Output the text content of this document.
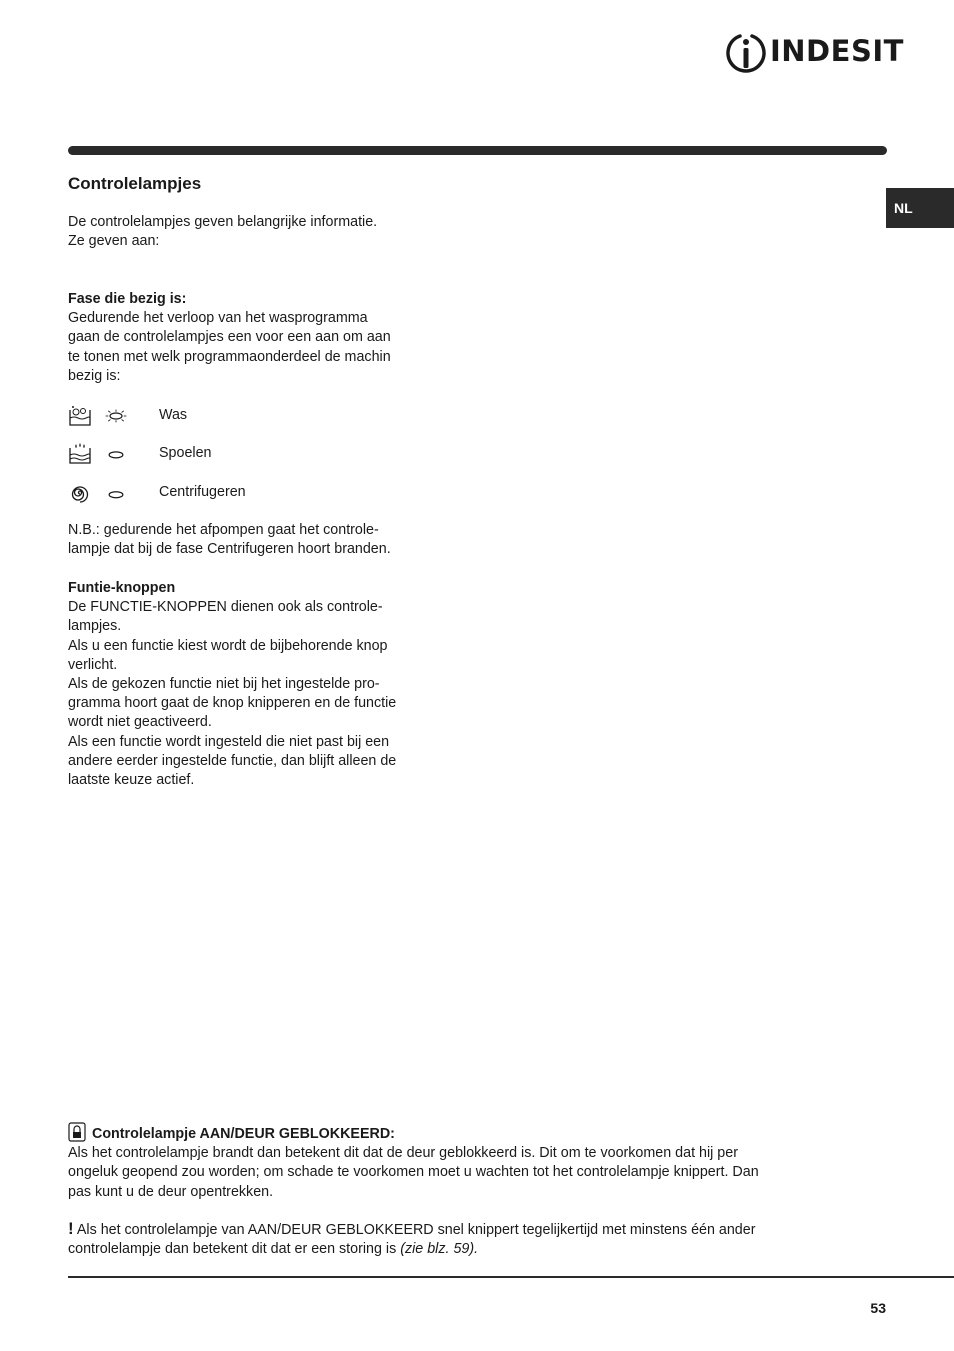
INDESIT
NL
Controlelampjes
De controlelampjes geven belangrijke informatie.
Ze geven aan:
Fase die bezig is:
Gedurende het verloop van het wasprogramma
gaan de controlelampjes een voor een aan om aan
te tonen met welk programmaonderdeel de machin
bezig is:
Was
Spoelen
Centrifugeren
N.B.: gedurende het afpompen gaat het controle-
lampje dat bij de fase Centrifugeren hoort branden.
Funtie-knoppen
De FUNCTIE-KNOPPEN dienen ook als controle-
lampjes.
Als u een functie kiest wordt de bijbehorende knop
verlicht.
Als de gekozen functie niet bij het ingestelde pro-
gramma hoort gaat de knop knipperen en de functie
wordt niet geactiveerd.
Als een functie wordt ingesteld die niet past bij een
andere eerder ingestelde functie, dan blijft alleen de
laatste keuze actief.
Controlelampje AAN/DEUR GEBLOKKEERD:
Als het controlelampje brandt dan betekent dit dat de deur geblokkeerd is. Dit om te voorkomen dat hij per
ongeluk geopend zou worden; om schade te voorkomen moet u wachten tot het controlelampje knippert. Dan
pas kunt u de deur opentrekken.
! Als het controlelampje van AAN/DEUR GEBLOKKEERD snel knippert tegelijkertijd met minstens één ander
controlelampje dan betekent dit dat er een storing is (zie blz. 59).
53
